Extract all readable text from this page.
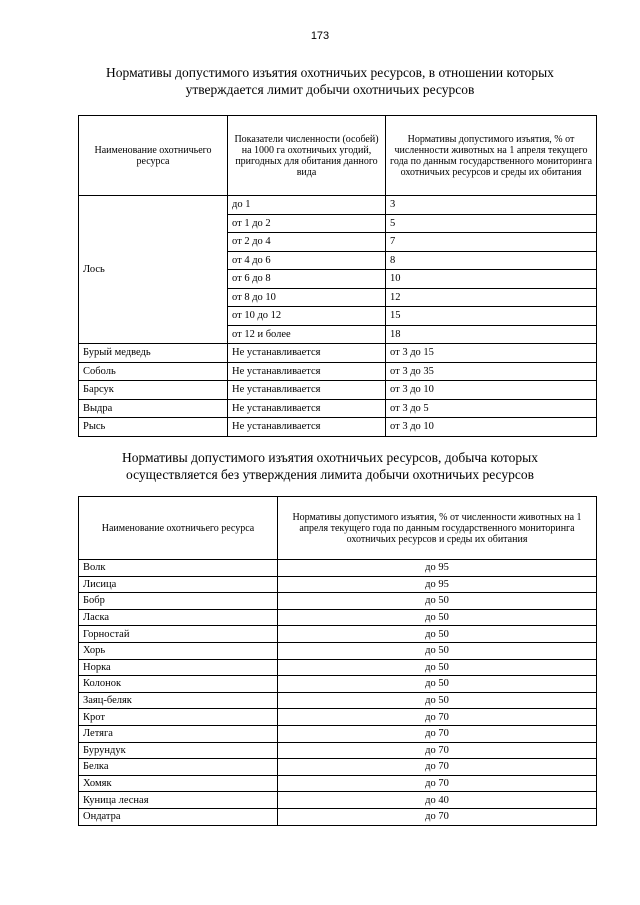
173
Нормативы допустимого изъятия охотничьих ресурсов, в отношении которых
утверждается лимит добычи охотничьих ресурсов
Наименование охотничьего ресурса	Показатели численности (особей) на 1000 га охотничьих угодий, пригодных для обитания данного вида	Нормативы допустимого изъятия, % от численности животных на 1 апреля текущего года по данным государственного мониторинга охотничьих ресурсов и среды их обитания
Лось	до 1	3
	от 1 до 2	5
	от 2 до 4	7
	от 4 до 6	8
	от 6 до 8	10
	от 8 до 10	12
	от 10 до 12	15
	от 12 и более	18
Бурый медведь	Не устанавливается	от 3 до 15
Соболь	Не устанавливается	от 3 до 35
Барсук	Не устанавливается	от 3 до 10
Выдра	Не устанавливается	от 3 до 5
Рысь	Не устанавливается	от 3 до 10
Нормативы допустимого изъятия охотничьих ресурсов, добыча которых
осуществляется без утверждения лимита добычи охотничьих ресурсов
Наименование охотничьего ресурса	Нормативы допустимого изъятия, % от численности животных на 1 апреля текущего года по данным государственного мониторинга охотничьих ресурсов и среды их обитания
Волк	до 95
Лисица	до 95
Бобр	до 50
Ласка	до 50
Горностай	до 50
Хорь	до 50
Норка	до 50
Колонок	до 50
Заяц-беляк	до 50
Крот	до 70
Летяга	до 70
Бурундук	до 70
Белка	до 70
Хомяк	до 70
Куница лесная	до 40
Ондатра	до 70
